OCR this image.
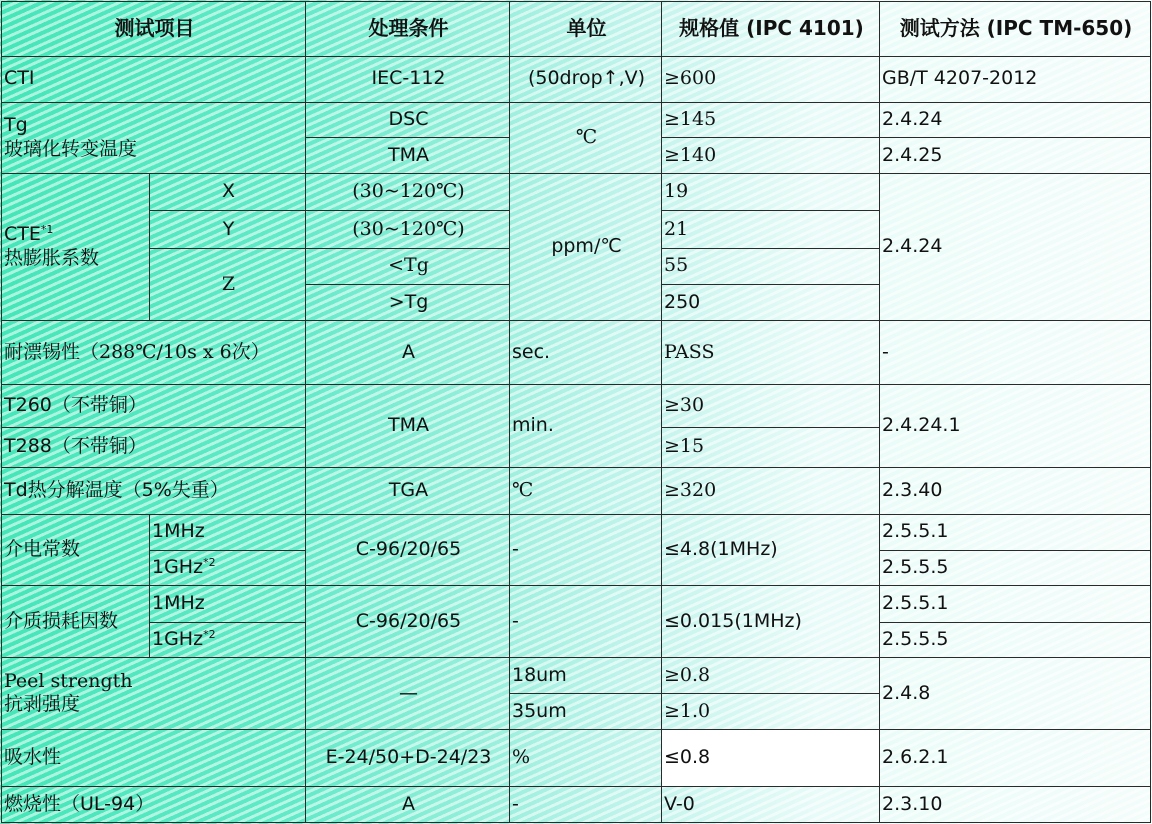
测试项目		处理条件	单位	规格值 (IPC 4101)	测试方法 (IPC TM-650)
CTI		IEC-112	(50drop↑,V)	≥600	GB/T 4207-2012

Tg
玻璃化转变温度		DSC	℃	≥145	2.4.24
		TMA		≥140	2.4.25

CTE$^{*1}$
热膨胀系数	X	(30~120℃)	ppm/℃	19	2.4.24
	Y	(30~120℃)		21	
	Z	<Tg		55	
		>Tg		250	
耐漂锡性（288℃/10s x 6次）		A	sec.	PASS	-
T260（不带铜）		TMA	min.	≥30	2.4.24.1
T288（不带铜）				≥15	
Td热分解温度（5%失重）		TGA	℃	≥320	2.3.40
介电常数	1MHz	C-96/20/65	-	≤4.8(1MHz)	2.5.5.1
	1GHz$^{*2}$				2.5.5.5
介质损耗因数	1MHz	C-96/20/65	-	≤0.015(1MHz)	2.5.5.1
	1GHz$^{*2}$				2.5.5.5

Peel strength
抗剥强度		—	18um	≥0.8	2.4.8
			35um	≥1.0	
吸水性		E-24/50+D-24/23	%	≤0.8	2.6.2.1
燃烧性（UL-94）		A	-	V-0	2.3.10
